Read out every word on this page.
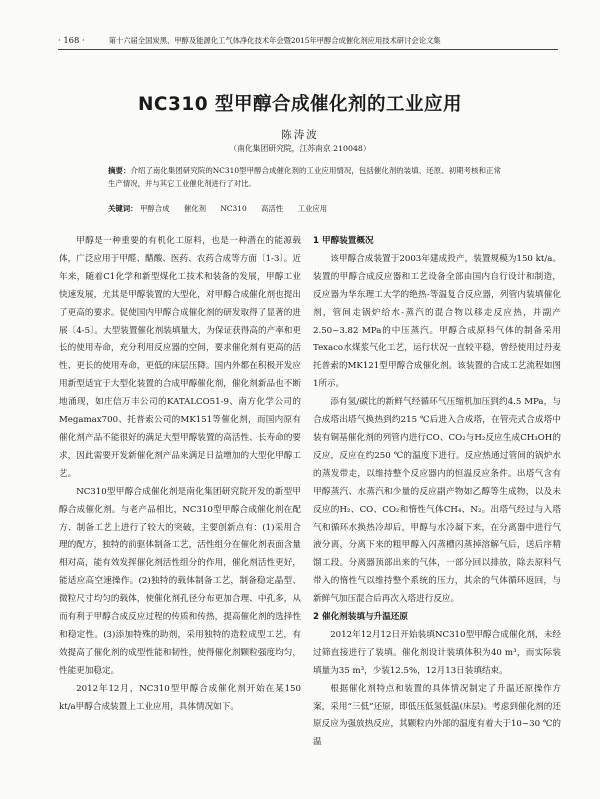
· 168 ·	第十六届全国炭黑、甲醇及能源化工气体净化技术年会暨2015年甲醇合成催化剂应用技术研讨会论文集
NC310 型甲醇合成催化剂的工业应用
陈涛波
（南化集团研究院，江苏南京 210048）
摘要：介绍了南化集团研究院的NC310型甲醇合成催化剂的工业应用情况，包括催化剂的装填、还原、初期考核和正常生产情况，并与其它工业催化剂进行了对比。
关键词： 甲醇合成 催化剂 NC310 高活性 工业应用

甲醇是一种重要的有机化工原料，也是一种潜在的能源载体，广泛应用于甲醛、醋酸、医药、农药合成等方面〔1-3〕。近年来，随着C1化学和新型煤化工技术和装备的发展，甲醇工业快速发展，尤其是甲醇装置的大型化，对甲醇合成催化剂也提出了更高的要求。促使国内甲醇合成催化剂的研发取得了显著的进展〔4-5〕。大型装置催化剂装填量大，为保证获得高的产率和更长的使用寿命，充分利用反应器的空间，要求催化剂有更高的活性、更长的使用寿命，更低的床层压降。国内外都在积极开发应用新型适宜于大型化装置的合成甲醇催化剂，催化剂新品也不断地涌现，如庄信万丰公司的KATALCO51-9、南方化学公司的Megamax700、托普索公司的MK151等催化剂，而国内原有催化剂产品不能很好的满足大型甲醇装置的高活性、长寿命的要求，因此需要开发新催化剂产品来满足日益增加的大型化甲醇工艺。

NC310型甲醇合成催化剂是南化集团研究院开发的新型甲醇合成催化剂。与老产品相比，NC310型甲醇合成催化剂在配方、制备工艺上进行了较大的突破，主要创新点有：(1)采用合理的配方，独特的前驱体制备工艺，活性组分在催化剂表面含量相对高，能有效发挥催化剂活性组分的作用，催化剂活性更好，能适应高空速操作。(2)独特的载体制备工艺，制备稳定晶型、微粒尺寸均匀的载体，使催化剂孔径分布更加合理、中孔多，从而有利于甲醇合成反应过程的传质和传热，提高催化剂的选择性和稳定性。(3)添加特殊的助剂，采用独特的造粒成型工艺，有效提高了催化剂的成型性能和韧性，使得催化剂颗粒强度均匀，性能更加稳定。

2012年12月，NC310型甲醇合成催化剂开始在某150 kt/a甲醇合成装置上工业应用，具体情况如下。

1 甲醇装置概况

该甲醇合成装置于2003年建成投产，装置规模为150 kt/a。装置的甲醇合成反应器和工艺设备全部由国内自行设计和制造，反应器为华东理工大学的绝热-等温复合反应器，列管内装填催化剂，管间走锅炉给水-蒸汽的混合物以移走反应热，并副产2.50~3.82 MPa的中压蒸汽。甲醇合成原料气体的制备采用Texaco水煤浆气化工艺，运行状况一直较平稳，曾经使用过丹麦托普索的MK121型甲醇合成催化剂。该装置的合成工艺流程如图1所示。

添有氢/碳比的新鲜气经循环气压缩机加压到约4.5 MPa，与合成塔出塔气换热到约215 ℃后进入合成塔，在管壳式合成塔中装有铜基催化剂的列管内进行CO、CO₂与H₂反应生成CH₃OH的反应，反应在约250 ℃的温度下进行。反应热通过管间的锅炉水的蒸发带走，以维持整个反应器内的恒温反应条件。出塔气含有甲醇蒸汽、水蒸汽和少量的反应副产物如乙醇等生成物，以及未反应的H₂、CO、CO₂和惰性气体CH₄、N₂。出塔气经过与入塔气和循环水换热冷却后，甲醇与水冷凝下来，在分离器中进行气液分离，分离下来的粗甲醇入闪蒸槽闪蒸掉溶解气后，送后序精馏工段。分离器顶部出来的气体，一部分回以排放，除去原料气带入的惰性气以维持整个系统的压力，其余的气体循环返回，与新鲜气加压混合后再次入塔进行反应。

2 催化剂装填与升温还原

2012年12月12日开始装填NC310型甲醇合成催化剂，未经过筛直接进行了装填。催化剂设计装填体积为40 m³，而实际装填量为35 m³，少装12.5%，12月13日装填结束。

根据催化剂特点和装置的具体情况制定了升温还原操作方案，采用“三低”还原，即低压低氢低温(床层)。考虑到催化剂的还原反应为强放热反应，其颗粒内外部的温度有着大于10~30 ℃的温
